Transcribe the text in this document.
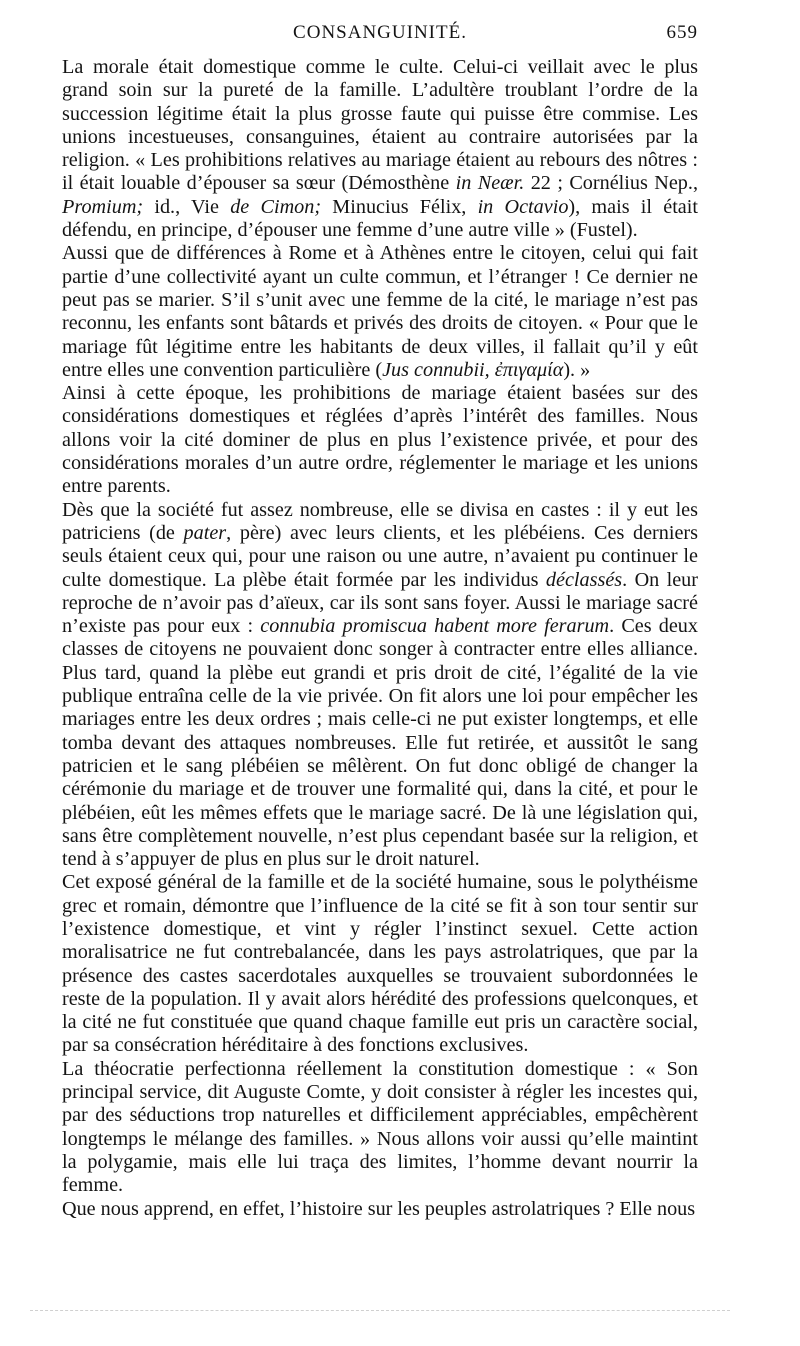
CONSANGUINITÉ.	659

La morale était domestique comme le culte. Celui-ci veillait avec le plus grand soin sur la pureté de la famille. L’adultère troublant l’ordre de la succession légitime était la plus grosse faute qui puisse être commise. Les unions incestueuses, consanguines, étaient au contraire autorisées par la religion. « Les prohibitions relatives au mariage étaient au rebours des nôtres : il était louable d’épouser sa sœur (Démosthène in Neær. 22 ; Cornélius Nep., Promium; id., Vie de Cimon; Minucius Félix, in Octavio), mais il était défendu, en principe, d’épouser une femme d’une autre ville » (Fustel).

Aussi que de différences à Rome et à Athènes entre le citoyen, celui qui fait partie d’une collectivité ayant un culte commun, et l’étranger ! Ce dernier ne peut pas se marier. S’il s’unit avec une femme de la cité, le mariage n’est pas reconnu, les enfants sont bâtards et privés des droits de citoyen. « Pour que le mariage fût légitime entre les habitants de deux villes, il fallait qu’il y eût entre elles une convention particulière (Jus connubii, ἐπιγαμία). »

Ainsi à cette époque, les prohibitions de mariage étaient basées sur des considérations domestiques et réglées d’après l’intérêt des familles. Nous allons voir la cité dominer de plus en plus l’existence privée, et pour des considérations morales d’un autre ordre, réglementer le mariage et les unions entre parents.

Dès que la société fut assez nombreuse, elle se divisa en castes : il y eut les patriciens (de pater, père) avec leurs clients, et les plébéiens. Ces derniers seuls étaient ceux qui, pour une raison ou une autre, n’avaient pu continuer le culte domestique. La plèbe était formée par les individus déclassés. On leur reproche de n’avoir pas d’aïeux, car ils sont sans foyer. Aussi le mariage sacré n’existe pas pour eux : connubia promiscua habent more ferarum. Ces deux classes de citoyens ne pouvaient donc songer à contracter entre elles alliance. Plus tard, quand la plèbe eut grandi et pris droit de cité, l’égalité de la vie publique entraîna celle de la vie privée. On fit alors une loi pour empêcher les mariages entre les deux ordres ; mais celle-ci ne put exister longtemps, et elle tomba devant des attaques nombreuses. Elle fut retirée, et aussitôt le sang patricien et le sang plébéien se mêlèrent. On fut donc obligé de changer la cérémonie du mariage et de trouver une formalité qui, dans la cité, et pour le plébéien, eût les mêmes effets que le mariage sacré. De là une législation qui, sans être complètement nouvelle, n’est plus cependant basée sur la religion, et tend à s’appuyer de plus en plus sur le droit naturel.

Cet exposé général de la famille et de la société humaine, sous le polythéisme grec et romain, démontre que l’influence de la cité se fit à son tour sentir sur l’existence domestique, et vint y régler l’instinct sexuel. Cette action moralisatrice ne fut contrebalancée, dans les pays astrolatriques, que par la présence des castes sacerdotales auxquelles se trouvaient subordonnées le reste de la population. Il y avait alors hérédité des professions quelconques, et la cité ne fut constituée que quand chaque famille eut pris un caractère social, par sa consécration héréditaire à des fonctions exclusives.

La théocratie perfectionna réellement la constitution domestique : « Son principal service, dit Auguste Comte, y doit consister à régler les incestes qui, par des séductions trop naturelles et difficilement appréciables, empêchèrent longtemps le mélange des familles. » Nous allons voir aussi qu’elle maintint la polygamie, mais elle lui traça des limites, l’homme devant nourrir la femme.

Que nous apprend, en effet, l’histoire sur les peuples astrolatriques ? Elle nous
